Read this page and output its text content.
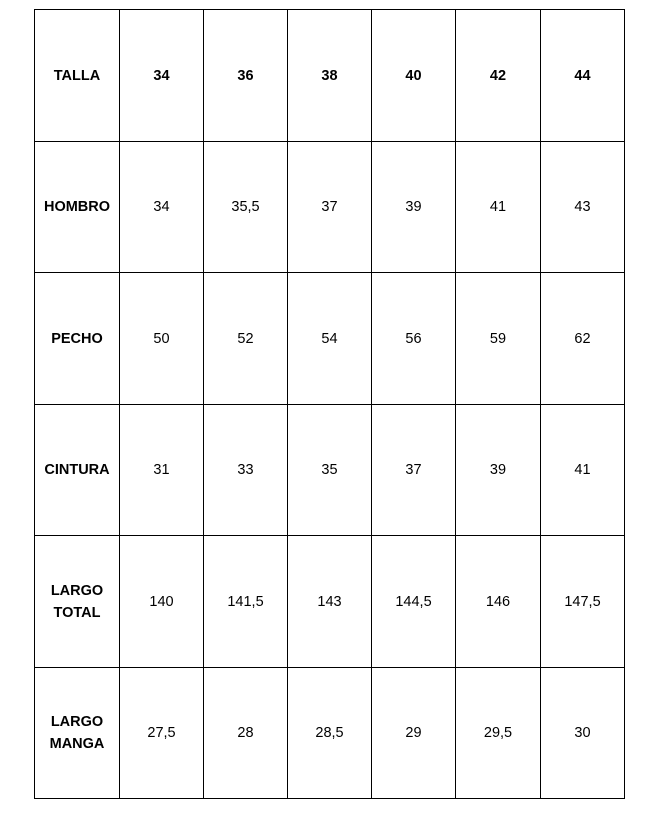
TALLA	34	36	38	40	42	44

HOMBRO	34	35,5	37	39	41	43

PECHO	50	52	54	56	59	62

CINTURA	31	33	35	37	39	41

LARGO
TOTAL	140	141,5	143	144,5	146	147,5

LARGO
MANGA	27,5	28	28,5	29	29,5	30
